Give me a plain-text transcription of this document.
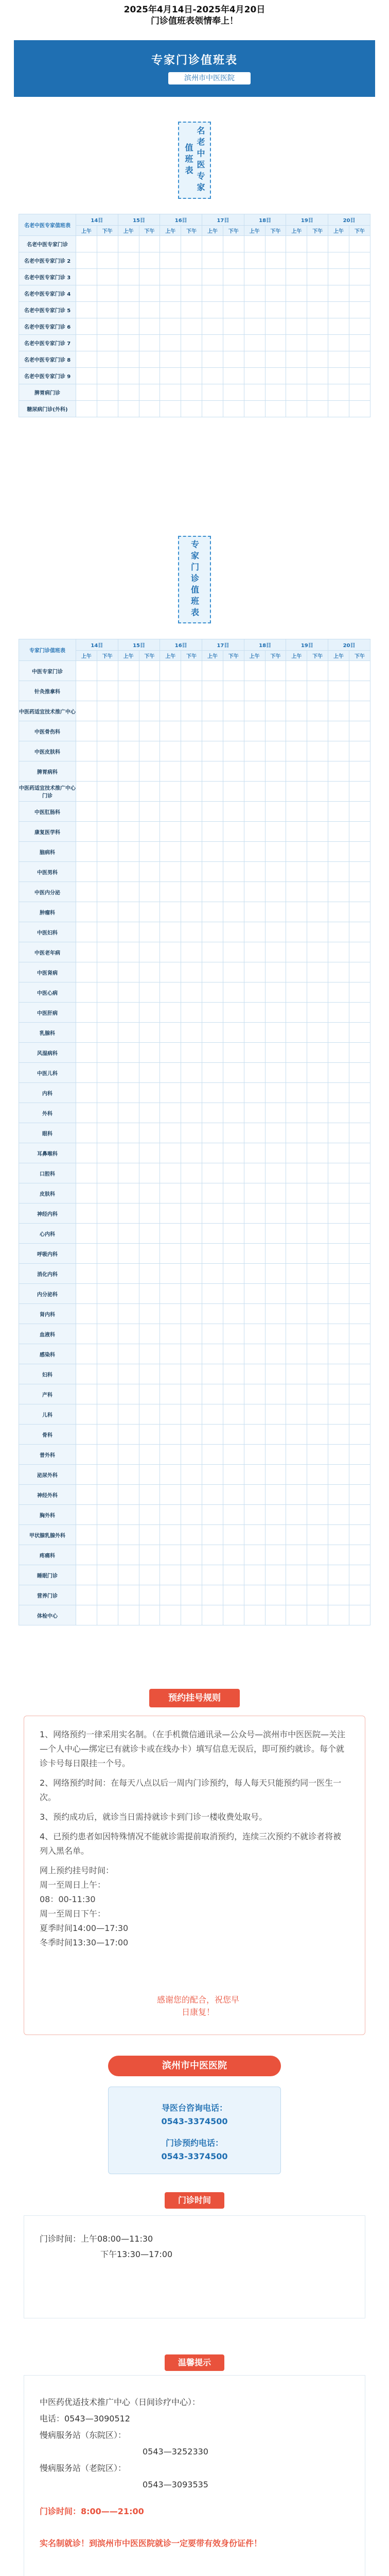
2025年4月14日-2025年4月20日
门诊值班表领情奉上！
专家门诊值班表
滨州市中医医院
名老中医专家值班表
名老中医专家值班表	14日		15日		16日		17日		18日		19日		20日	
	上午	下午	上午	下午	上午	下午	上午	下午	上午	下午	上午	下午	上午	下午
名老中医专家门诊														
名老中医专家门诊 2														
名老中医专家门诊 3														
名老中医专家门诊 4														
名老中医专家门诊 5														
名老中医专家门诊 6														
名老中医专家门诊 7														
名老中医专家门诊 8														
名老中医专家门诊 9														
脾胃病门诊														
糖尿病门诊(外科)														
专家门诊值班表
专家门诊值班表	14日		15日		16日		17日		18日		19日		20日	
	上午	下午	上午	下午	上午	下午	上午	下午	上午	下午	上午	下午	上午	下午
中医专家门诊														
针灸推拿科														
中医药适宜技术推广中心														
中医骨伤科														
中医皮肤科														
脾胃病科														
中医药适宜技术推广中心门诊														
中医肛肠科														
康复医学科														
脑病科														
中医男科														
中医内分泌														
肿瘤科														
中医妇科														
中医老年病														
中医肾病														
中医心病														
中医肝病														
乳腺科														
风湿病科														
中医儿科														
内科														
外科														
眼科														
耳鼻喉科														
口腔科														
皮肤科														
神经内科														
心内科														
呼吸内科														
消化内科														
内分泌科														
肾内科														
血液科														
感染科														
妇科														
产科														
儿科														
骨科														
普外科														
泌尿外科														
神经外科														
胸外科														
甲状腺乳腺外科														
疼痛科														
睡眠门诊														
营养门诊														
体检中心														
预约挂号规则

1、网络预约一律采用实名制。（在手机微信通讯录—公众号—滨州市中医医院—关注—个人中心—绑定已有就诊卡或在线办卡）填写信息无误后，即可预约就诊。每个就诊卡号每日限挂一个号。

2、网络预约时间：在每天八点以后一周内门诊预约，每人每天只能预约同一医生一次。

3、预约成功后，就诊当日需持就诊卡到门诊一楼收费处取号。

4、已预约患者如因特殊情况不能就诊需提前取消预约，连续三次预约不就诊者将被列入黑名单。

网上预约挂号时间：

周一至周日上午：

08：00-11:30

周一至周日下午：

夏季时间14:00—17:30

冬季时间13:30—17:00

感谢您的配合，祝您早日康复！
滨州市中医医院
导医台咨询电话：
0543-3374500
门诊预约电话：
0543-3374500
门诊时间
门诊时间：上午08:00—11:30
下午13:30—17:00
温馨提示
中医药优适技术推广中心（日间诊疗中心）：
电话：0543—3090512
慢病服务站（东院区）：
0543—3252330
慢病服务站（老院区）：
0543—3093535
门诊时间：8:00——21:00
实名制就诊！到滨州市中医医院就诊一定要带有效身份证件！
